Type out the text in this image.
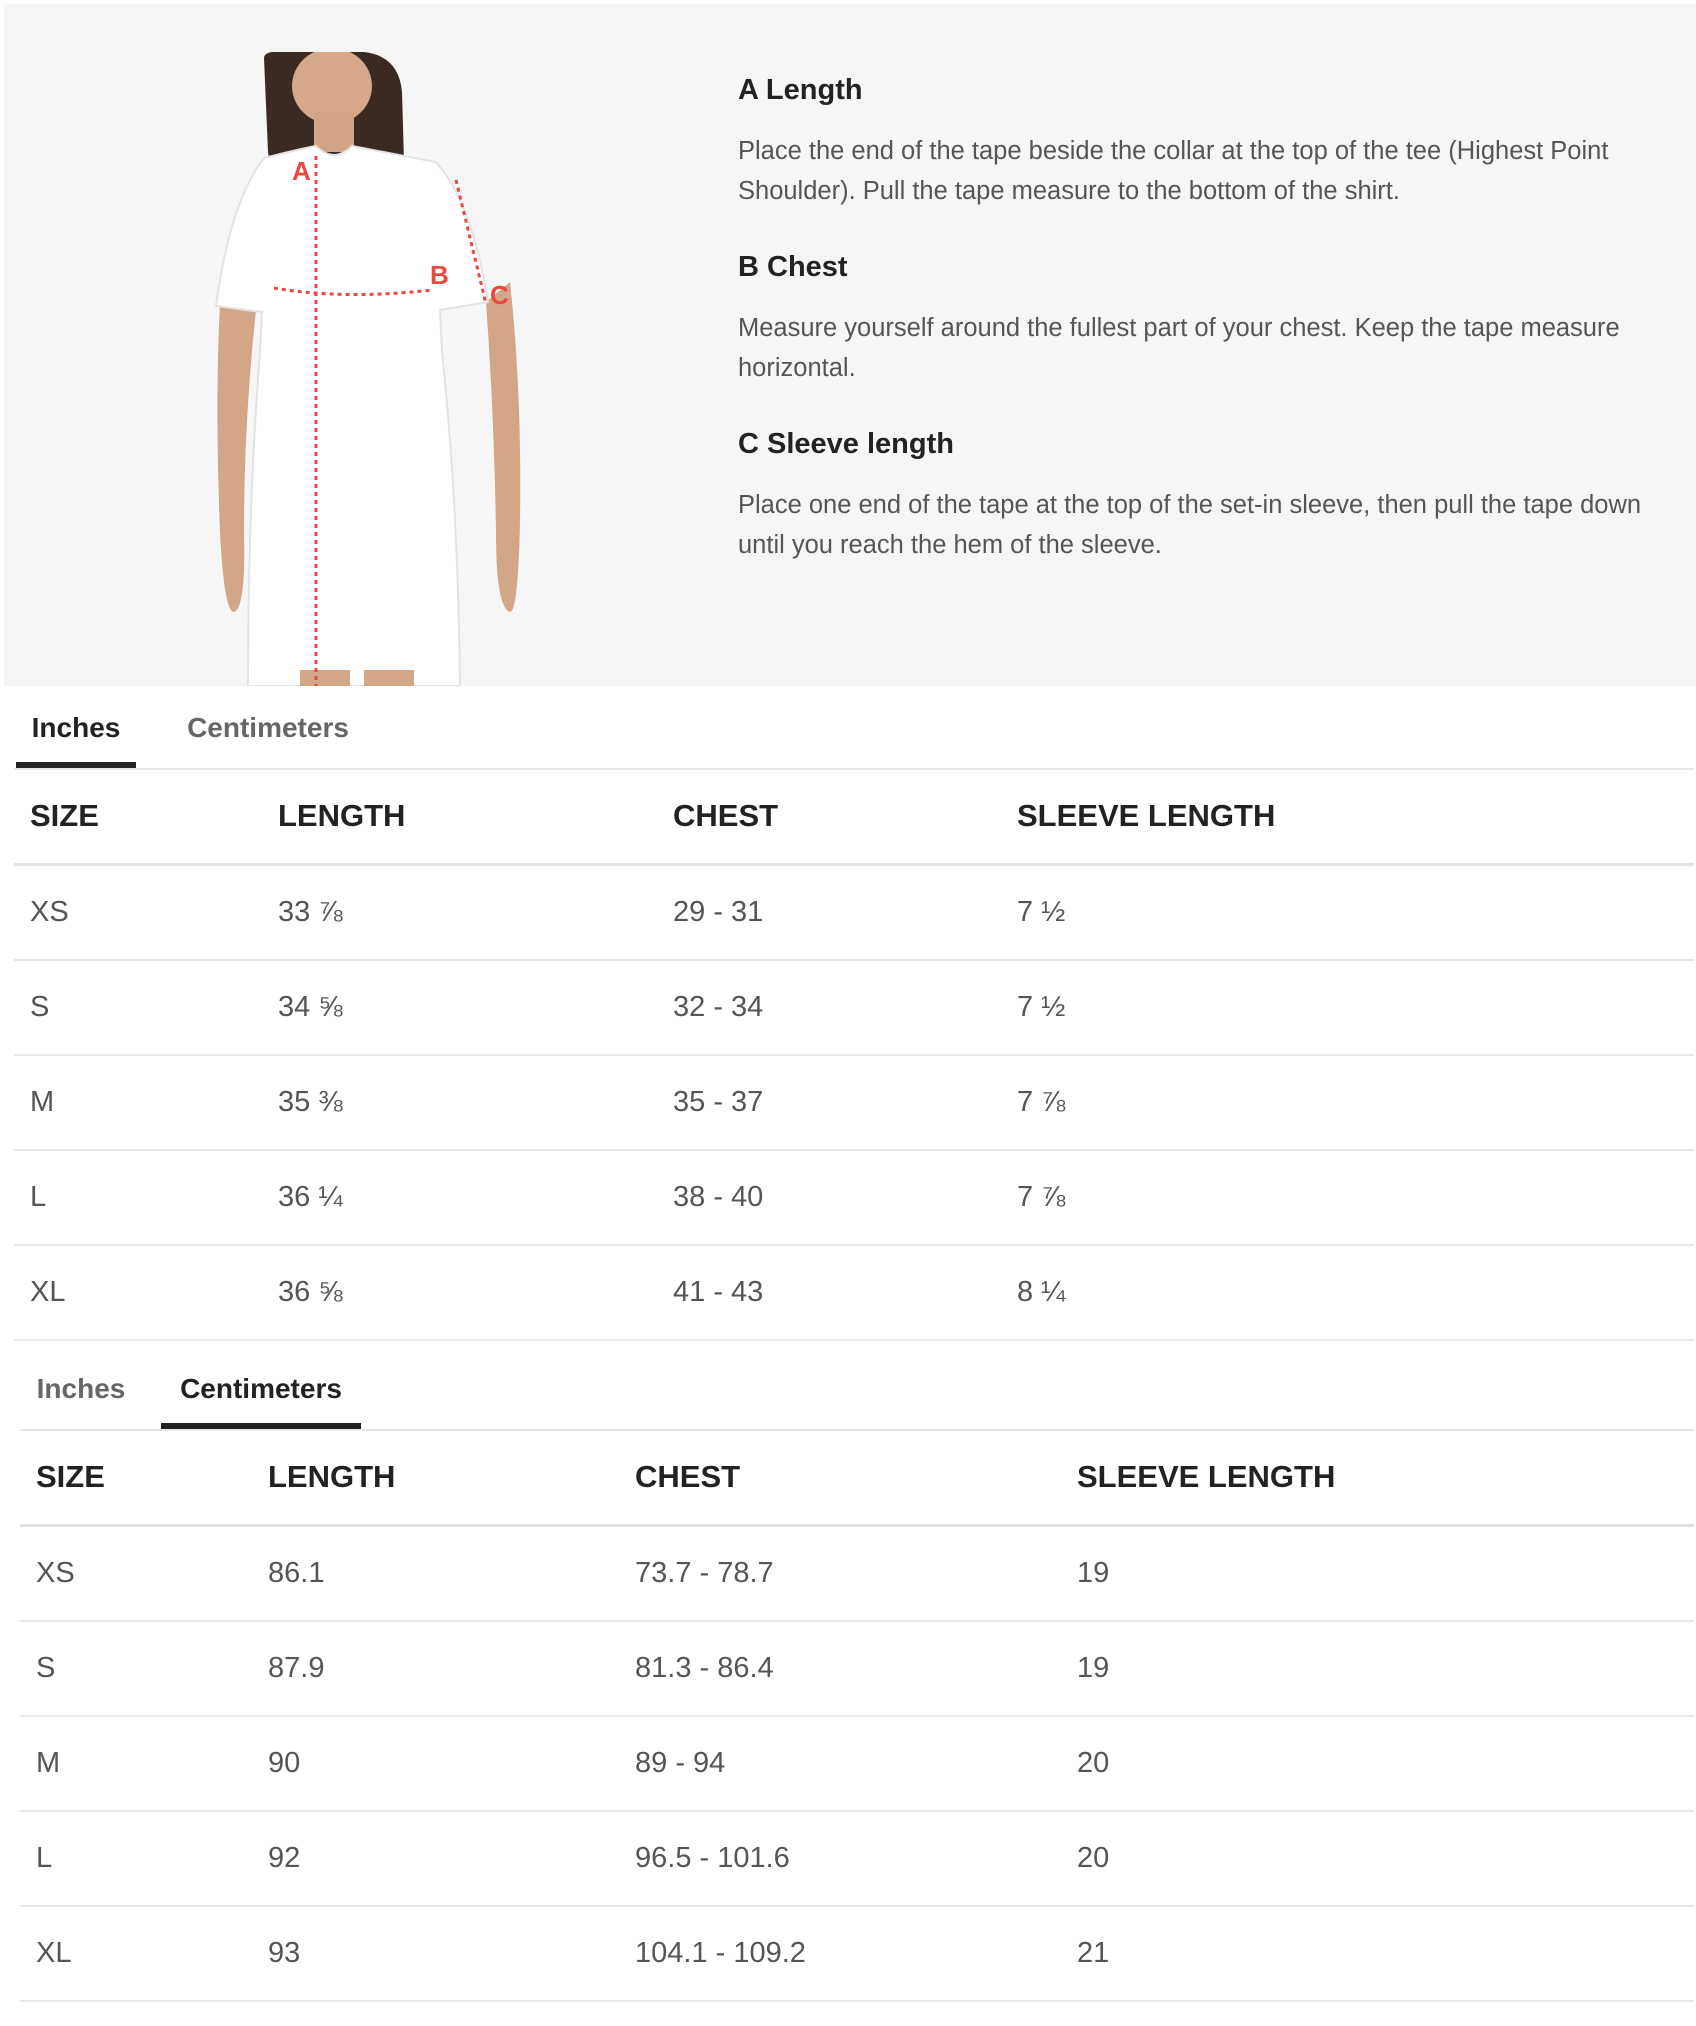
A
B
C
A Length

Place the end of the tape beside the collar at the top of the tee (Highest Point Shoulder). Pull the tape measure to the bottom of the shirt.

B Chest

Measure yourself around the fullest part of your chest. Keep the tape measure horizontal.

C Sleeve length

Place one end of the tape at the top of the set-in sleeve, then pull the tape down until you reach the hem of the sleeve.

Inches	Centimeters
SIZE	LENGTH	CHEST	SLEEVE LENGTH
XS	33 ⅞	29 - 31	7 ½
S	34 ⅝	32 - 34	7 ½
M	35 ⅜	35 - 37	7 ⅞
L	36 ¼	38 - 40	7 ⅞
XL	36 ⅝	41 - 43	8 ¼
Inches	Centimeters
SIZE	LENGTH	CHEST	SLEEVE LENGTH
XS	86.1	73.7 - 78.7	19
S	87.9	81.3 - 86.4	19
M	90	89 - 94	20
L	92	96.5 - 101.6	20
XL	93	104.1 - 109.2	21
